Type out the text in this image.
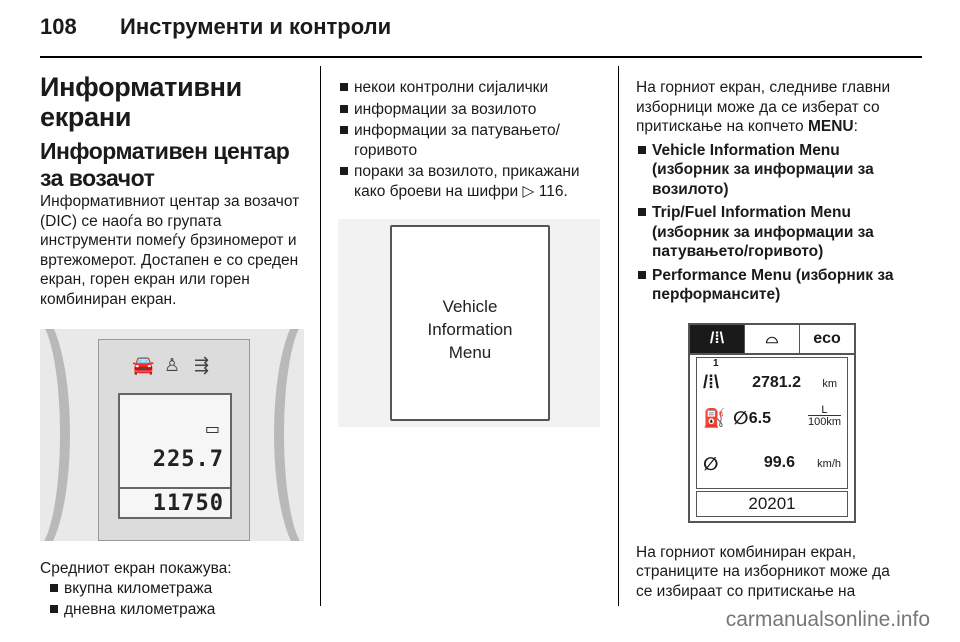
108 Инструменти и контроли
Информативни екрани
Информативен центар за возачот

Информативниот центар за возачот (DIC) се наоѓа во групата инструменти помеѓу брзиномерот и вртежомерот. Достапен е со среден екран, горен екран или горен комбиниран екран.

🚘 ♙ ⇶
▭
225.7
11750

Средниот екран покажува:

вкупна километража
дневна километража
некои контролни сијалички
информации за возилото
информации за патувањето/горивото
пораки за возилото, прикажани како броеви на шифри ▷ 116.
Vehicle
Information
Menu

На горниот екран, следниве главни изборници може да се изберат со притискање на копчето MENU:

Vehicle Information Menu (изборник за информации за возилото)
Trip/Fuel Information Menu (изборник за информации за патувањето/горивото)
Performance Menu (изборник за перформансите)
/⁞\	⌓	eco
1
/⁞\ 2781.2 km
⛽ ∅ 6.5	L
100km
∅	99.6 km/h
20201

На горниот комбиниран екран, страниците на изборникот може да се избираат со притискање на

carmanualsonline.info
